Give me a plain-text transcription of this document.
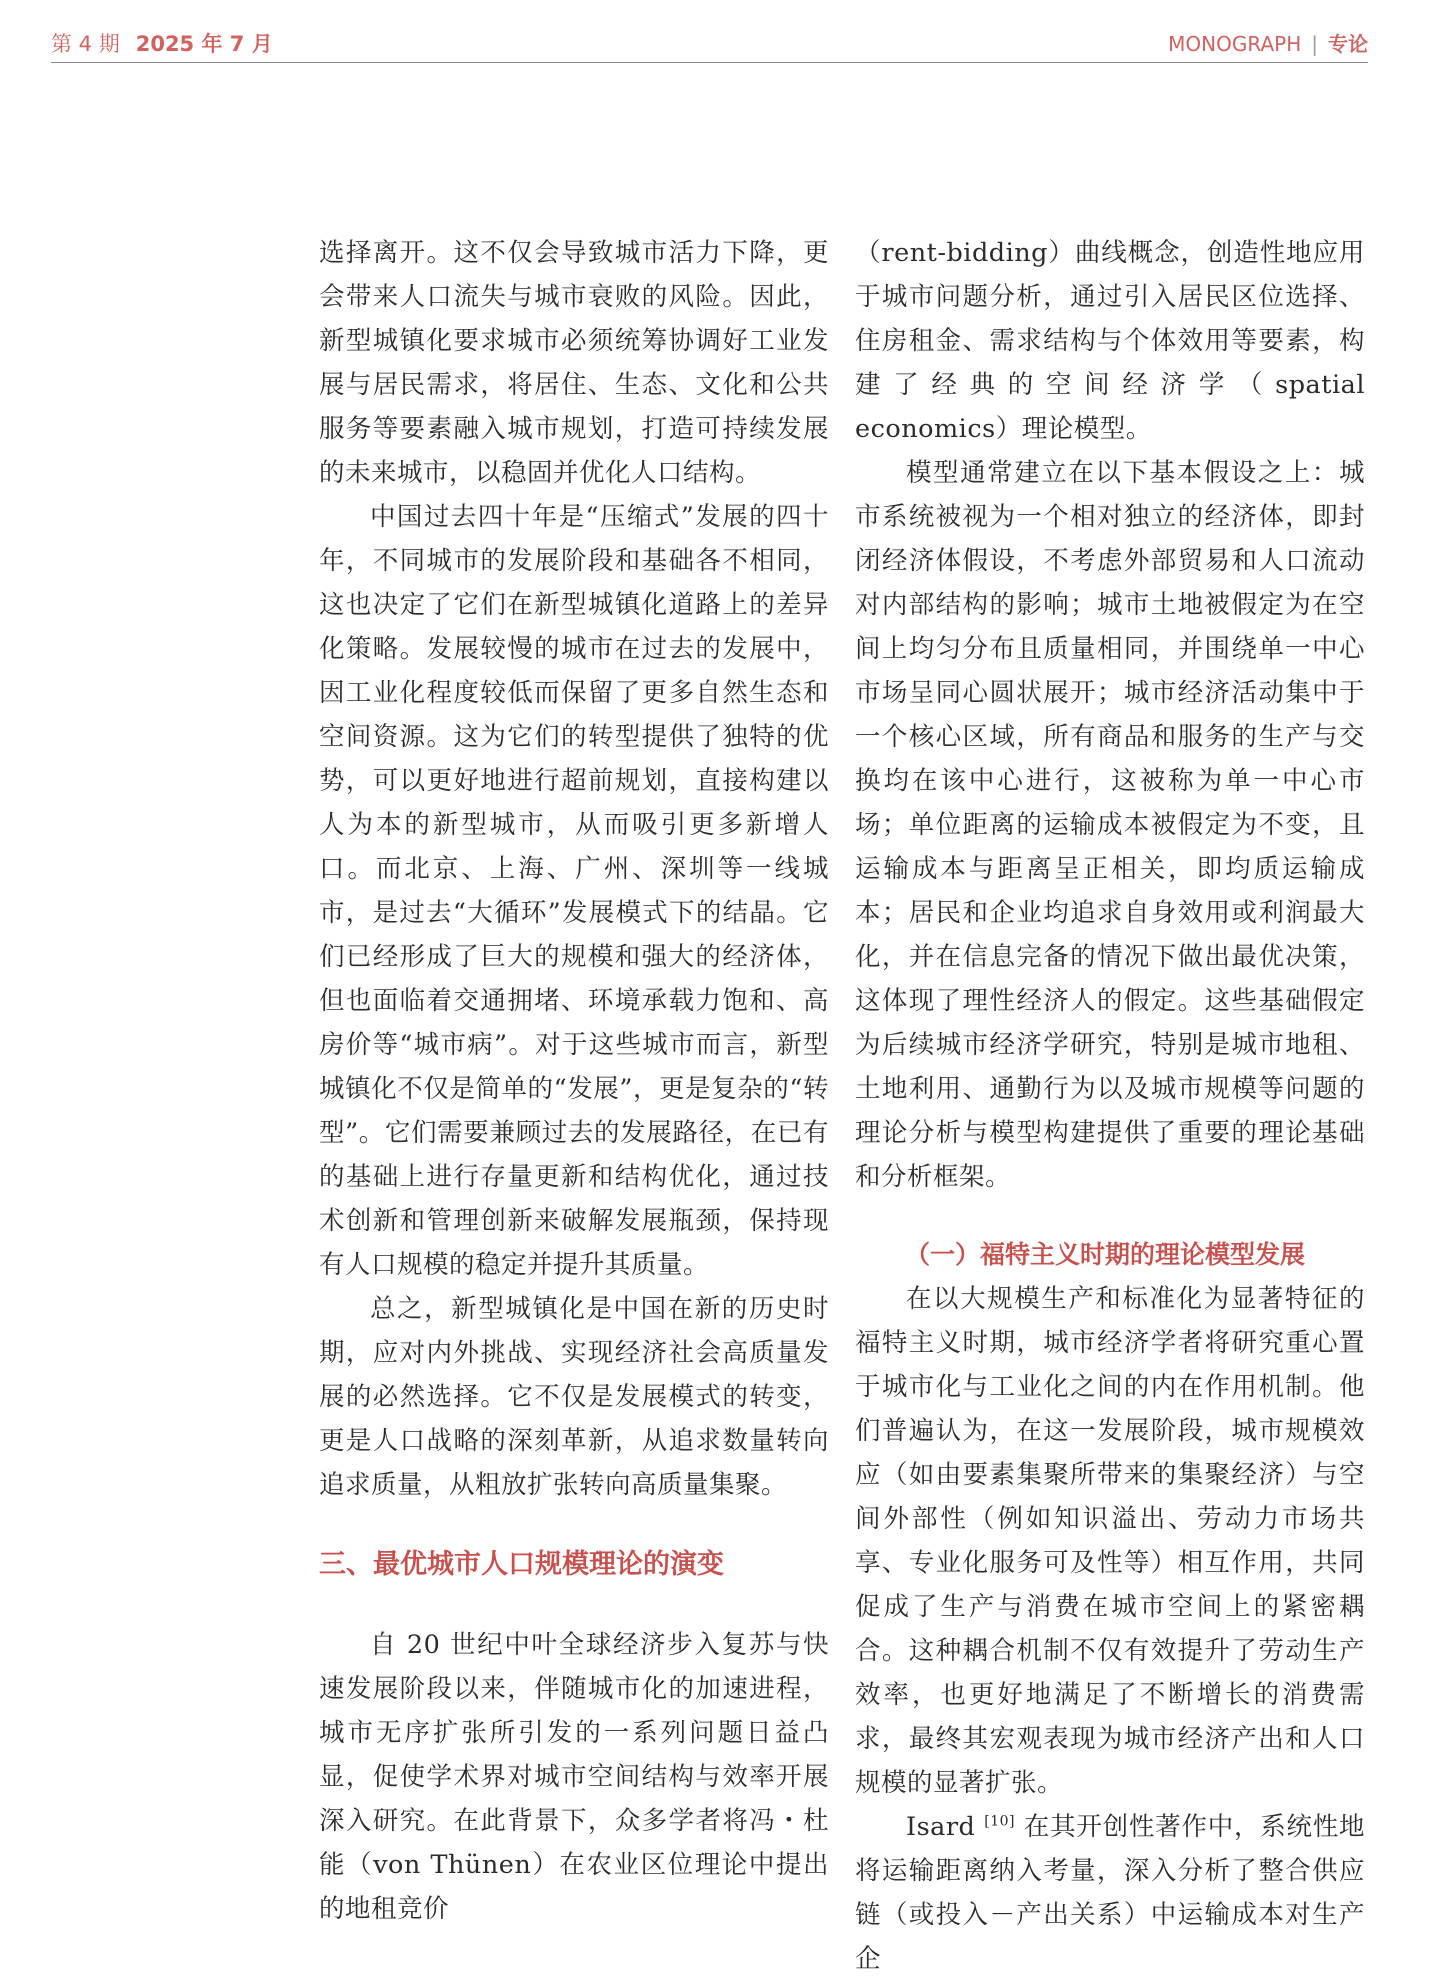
第 4 期 2025 年 7 月	MONOGRAPH | 专论

选择离开。这不仅会导致城市活力下降，更会带来人口流失与城市衰败的风险。因此，新型城镇化要求城市必须统筹协调好工业发展与居民需求，将居住、生态、文化和公共服务等要素融入城市规划，打造可持续发展的未来城市，以稳固并优化人口结构。

中国过去四十年是“压缩式”发展的四十年，不同城市的发展阶段和基础各不相同，这也决定了它们在新型城镇化道路上的差异化策略。发展较慢的城市在过去的发展中，因工业化程度较低而保留了更多自然生态和空间资源。这为它们的转型提供了独特的优势，可以更好地进行超前规划，直接构建以人为本的新型城市，从而吸引更多新增人口。而北京、上海、广州、深圳等一线城市，是过去“大循环”发展模式下的结晶。它们已经形成了巨大的规模和强大的经济体，但也面临着交通拥堵、环境承载力饱和、高房价等“城市病”。对于这些城市而言，新型城镇化不仅是简单的“发展”，更是复杂的“转型”。它们需要兼顾过去的发展路径，在已有的基础上进行存量更新和结构优化，通过技术创新和管理创新来破解发展瓶颈，保持现有人口规模的稳定并提升其质量。

总之，新型城镇化是中国在新的历史时期，应对内外挑战、实现经济社会高质量发展的必然选择。它不仅是发展模式的转变，更是人口战略的深刻革新，从追求数量转向追求质量，从粗放扩张转向高质量集聚。

三、最优城市人口规模理论的演变

自 20 世纪中叶全球经济步入复苏与快速发展阶段以来，伴随城市化的加速进程，城市无序扩张所引发的一系列问题日益凸显，促使学术界对城市空间结构与效率开展深入研究。在此背景下，众多学者将冯・杜能（von Thünen）在农业区位理论中提出的地租竞价

（rent-bidding）曲线概念，创造性地应用于城市问题分析，通过引入居民区位选择、住房租金、需求结构与个体效用等要素，构建了经典的空间经济学（spatial economics）理论模型。

模型通常建立在以下基本假设之上：城市系统被视为一个相对独立的经济体，即封闭经济体假设，不考虑外部贸易和人口流动对内部结构的影响；城市土地被假定为在空间上均匀分布且质量相同，并围绕单一中心市场呈同心圆状展开；城市经济活动集中于一个核心区域，所有商品和服务的生产与交换均在该中心进行，这被称为单一中心市场；单位距离的运输成本被假定为不变，且运输成本与距离呈正相关，即均质运输成本；居民和企业均追求自身效用或利润最大化，并在信息完备的情况下做出最优决策，这体现了理性经济人的假定。这些基础假定为后续城市经济学研究，特别是城市地租、土地利用、通勤行为以及城市规模等问题的理论分析与模型构建提供了重要的理论基础和分析框架。

（一）福特主义时期的理论模型发展

在以大规模生产和标准化为显著特征的福特主义时期，城市经济学者将研究重心置于城市化与工业化之间的内在作用机制。他们普遍认为，在这一发展阶段，城市规模效应（如由要素集聚所带来的集聚经济）与空间外部性（例如知识溢出、劳动力市场共享、专业化服务可及性等）相互作用，共同促成了生产与消费在城市空间上的紧密耦合。这种耦合机制不仅有效提升了劳动生产效率，也更好地满足了不断增长的消费需求，最终其宏观表现为城市经济产出和人口规模的显著扩张。

Isard [10] 在其开创性著作中，系统性地将运输距离纳入考量，深入分析了整合供应链（或投入－产出关系）中运输成本对生产企
